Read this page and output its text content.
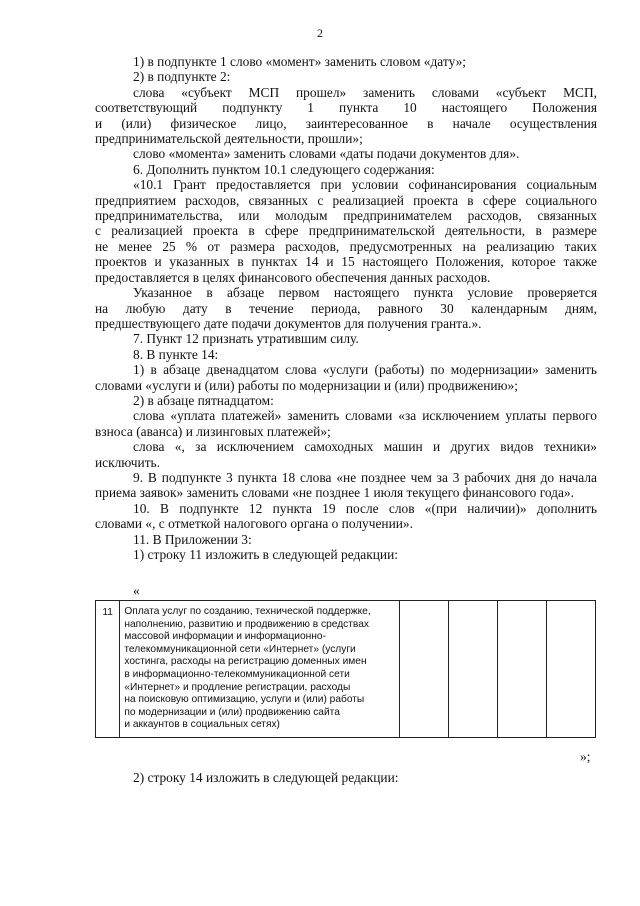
2

1) в подпункте 1 слово «момент» заменить словом «дату»;

2) в подпункте 2:

слова «субъект МСП прошел» заменить словами «субъект МСП,

соответствующий подпункту 1 пункта 10 настоящего Положения

и (или) физическое лицо, заинтересованное в начале осуществления

предпринимательской деятельности, прошли»;

слово «момента» заменить словами «даты подачи документов для».

6. Дополнить пунктом 10.1 следующего содержания:

«10.1 Грант предоставляется при условии софинансирования социальным

предприятием расходов, связанных с реализацией проекта в сфере социального

предпринимательства, или молодым предпринимателем расходов, связанных

с реализацией проекта в сфере предпринимательской деятельности, в размере

не менее 25 % от размера расходов, предусмотренных на реализацию таких

проектов и указанных в пунктах 14 и 15 настоящего Положения, которое также

предоставляется в целях финансового обеспечения данных расходов.

Указанное в абзаце первом настоящего пункта условие проверяется

на любую дату в течение периода, равного 30 календарным дням,

предшествующего дате подачи документов для получения гранта.».

7. Пункт 12 признать утратившим силу.

8. В пункте 14:

1) в абзаце двенадцатом слова «услуги (работы) по модернизации» заменить

словами «услуги и (или) работы по модернизации и (или) продвижению»;

2) в абзаце пятнадцатом:

слова «уплата платежей» заменить словами «за исключением уплаты первого

взноса (аванса) и лизинговых платежей»;

слова «, за исключением самоходных машин и других видов техники»

исключить.

9. В подпункте 3 пункта 18 слова «не позднее чем за 3 рабочих дня до начала

приема заявок» заменить словами «не позднее 1 июля текущего финансового года».

10. В подпункте 12 пункта 19 после слов «(при наличии)» дополнить

словами «, с отметкой налогового органа о получении».

11. В Приложении 3:

1) строку 11 изложить в следующей редакции:

«
11	Оплата услуг по созданию, технической поддержке,
наполнению, развитию и продвижению в средствах
массовой информации и информационно-
телекоммуникационной сети «Интернет» (услуги
хостинга, расходы на регистрацию доменных имен
в информационно-телекоммуникационной сети
«Интернет» и продление регистрации, расходы
на поисковую оптимизацию, услуги и (или) работы
по модернизации и (или) продвижению сайта
и аккаунтов в социальных сетях)

»;
2) строку 14 изложить в следующей редакции:
